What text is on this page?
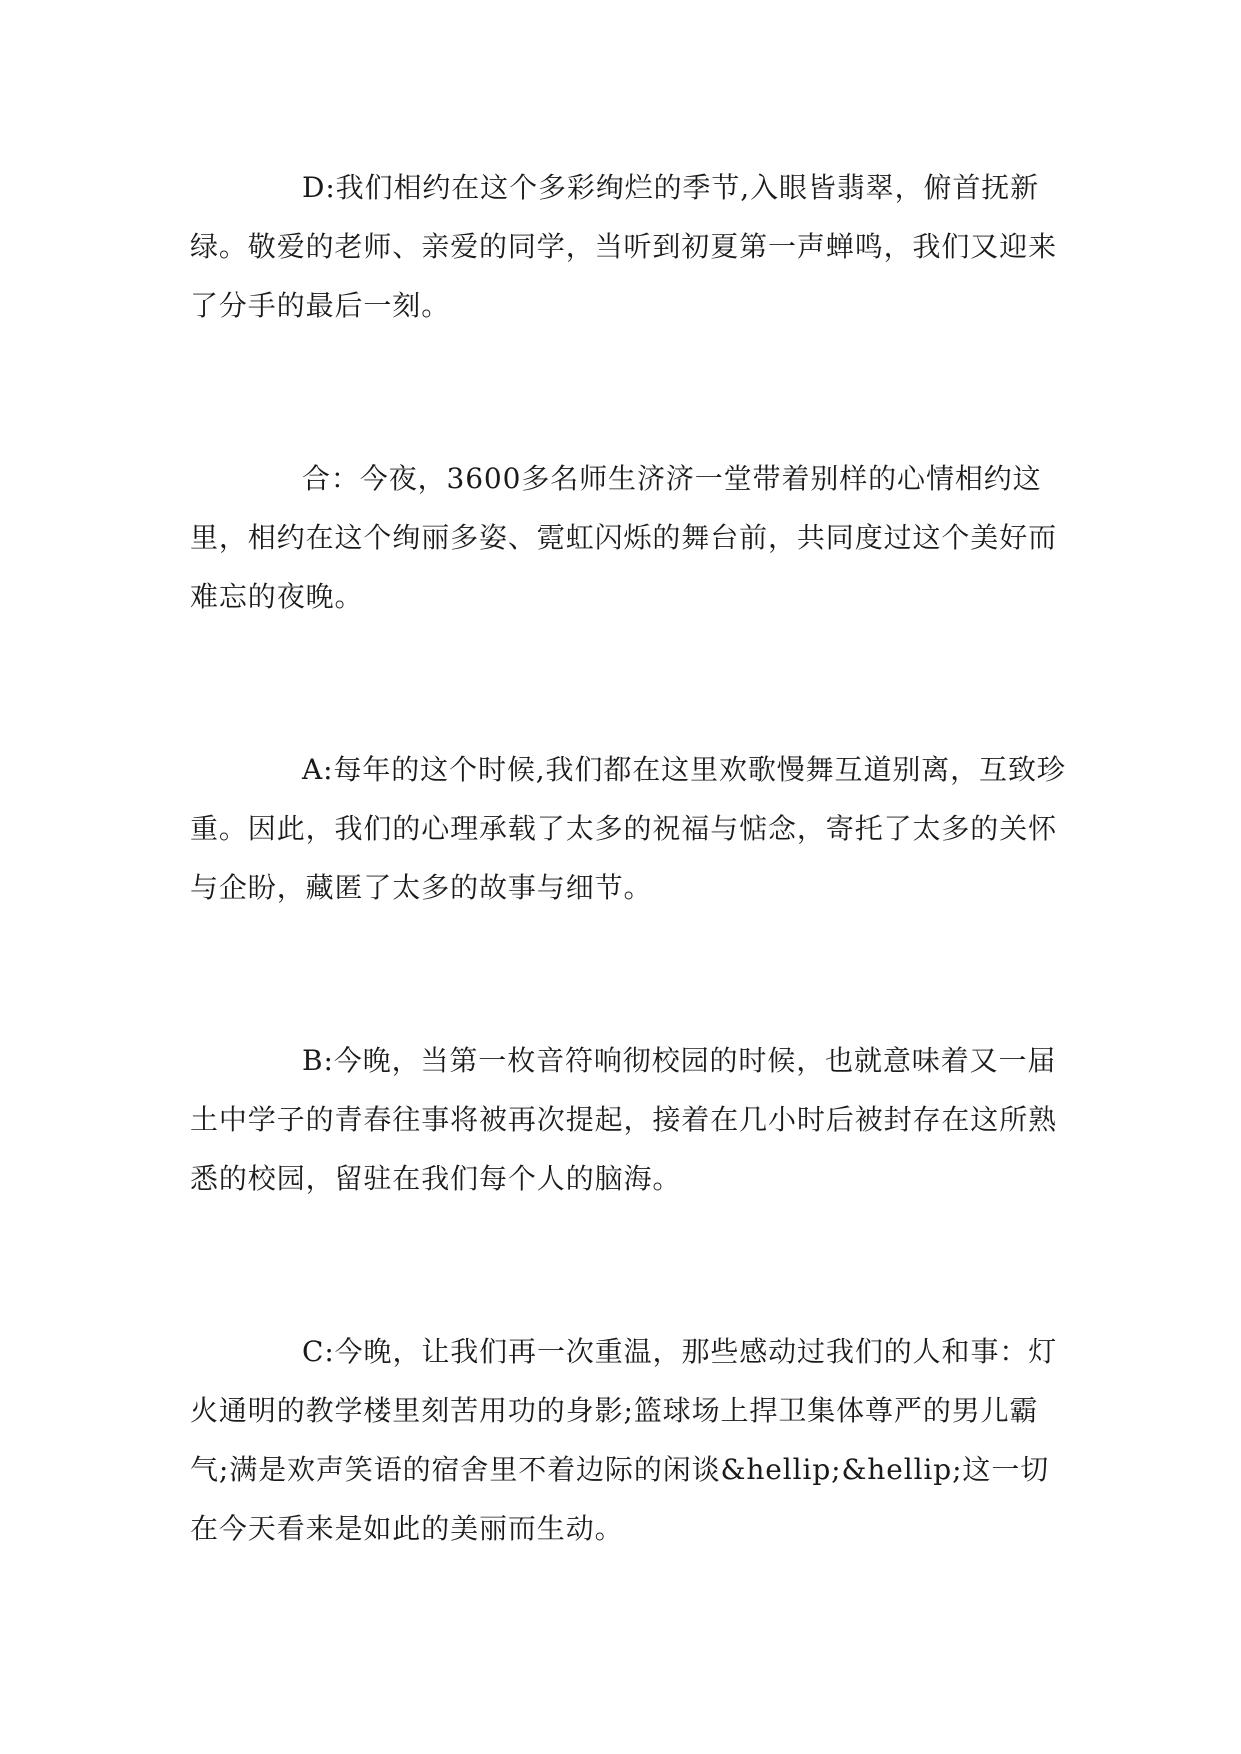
D:我们相约在这个多彩绚烂的季节,入眼皆翡翠，俯首抚新绿。敬爱的老师、亲爱的同学，当听到初夏第一声蝉鸣，我们又迎来了分手的最后一刻。

合：今夜，3600多名师生济济一堂带着别样的心情相约这里，相约在这个绚丽多姿、霓虹闪烁的舞台前，共同度过这个美好而难忘的夜晚。

A:每年的这个时候,我们都在这里欢歌慢舞互道别离，互致珍重。因此，我们的心理承载了太多的祝福与惦念，寄托了太多的关怀与企盼，藏匿了太多的故事与细节。

B:今晚，当第一枚音符响彻校园的时候，也就意味着又一届土中学子的青春往事将被再次提起，接着在几小时后被封存在这所熟悉的校园，留驻在我们每个人的脑海。

C:今晚，让我们再一次重温，那些感动过我们的人和事：灯火通明的教学楼里刻苦用功的身影;篮球场上捍卫集体尊严的男儿霸气;满是欢声笑语的宿舍里不着边际的闲谈&hellip;&hellip;这一切在今天看来是如此的美丽而生动。
